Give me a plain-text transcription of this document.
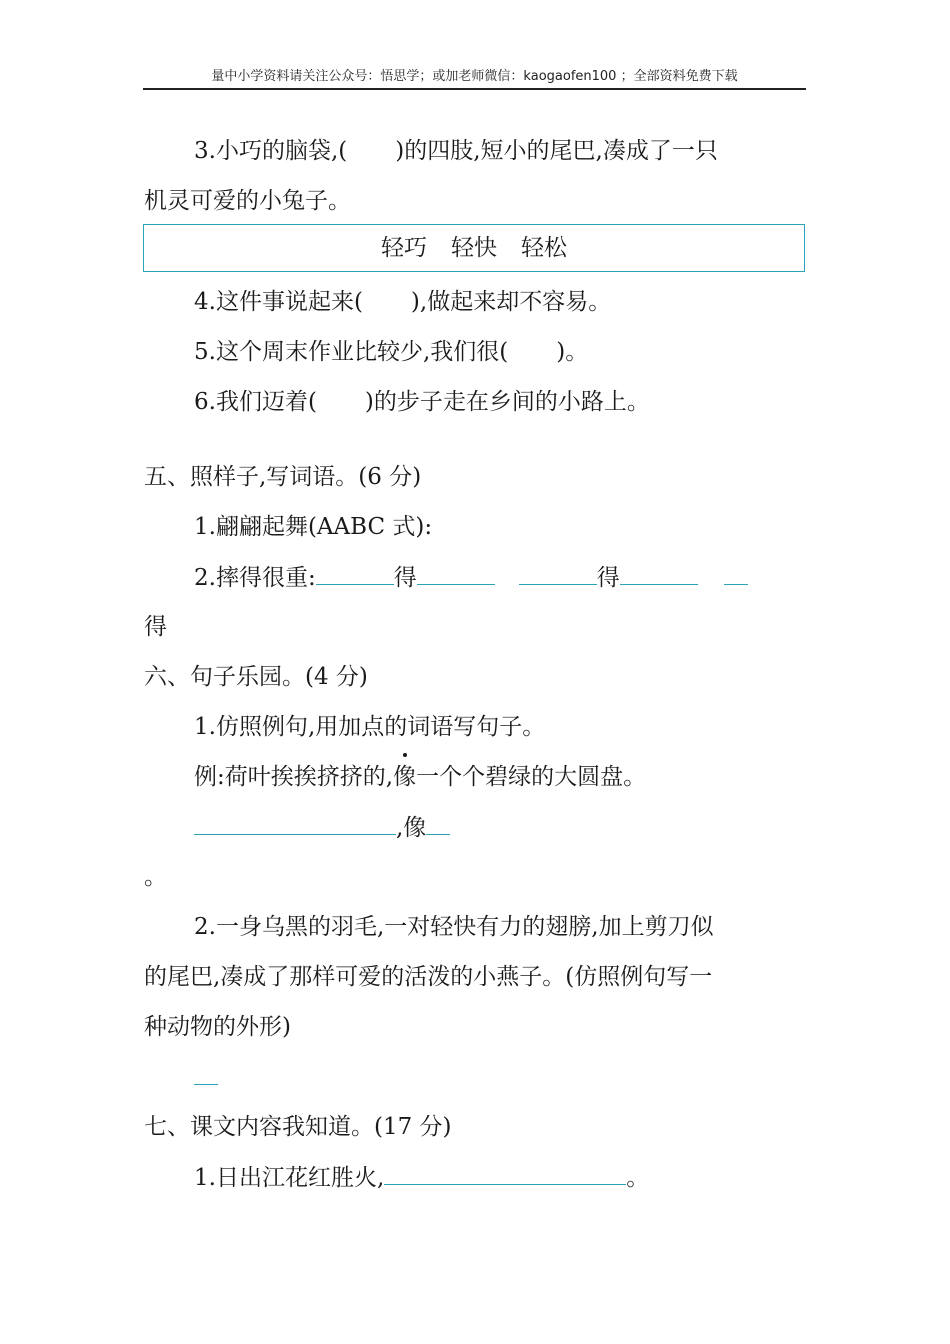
量中小学资料请关注公众号：悟思学；或加老师微信：kaogaofen100 ；全部资料免费下载
3.小巧的脑袋,( )的四肢,短小的尾巴,凑成了一只
机灵可爱的小兔子。
轻巧 轻快 轻松
4.这件事说起来( ),做起来却不容易。
5.这个周末作业比较少,我们很( )。
6.我们迈着( )的步子走在乡间的小路上。
五、照样子,写词语。(6 分)
1.翩翩起舞(AABC 式):
2.摔得很重:	得	得
得
六、句子乐园。(4 分)
1.仿照例句,用加点的词语写句子。
例:荷叶挨挨挤挤的,
像一个个碧绿的大圆盘。
,像
。
2.一身乌黑的羽毛,一对轻快有力的翅膀,加上剪刀似
的尾巴,凑成了那样可爱的活泼的小燕子。(仿照例句写一
种动物的外形)
七、课文内容我知道。(17 分)
1.日出江花红胜火,	。
